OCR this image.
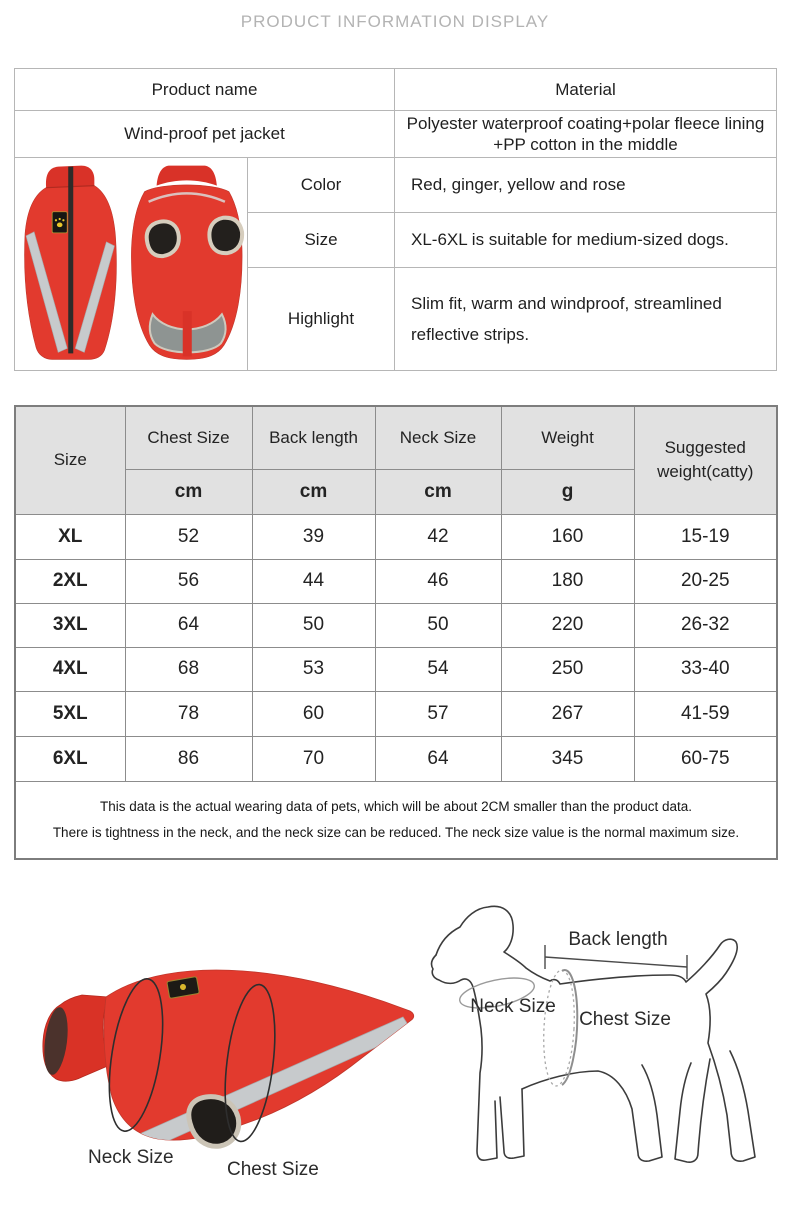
PRODUCT INFORMATION DISPLAY
Product name		Material
Wind-proof pet jacket		Polyester waterproof coating+polar fleece lining +PP cotton in the middle

	Color	Red, ginger, yellow and rose
	Size	XL-6XL is suitable for medium-sized dogs.
	Highlight	Slim fit, warm and windproof, streamlined reflective strips.
Size	Chest Size	Back length	Neck Size	Weight	Suggested weight(catty)
	cm	cm	cm	g	
XL	52	39	42	160	15-19
2XL	56	44	46	180	20-25
3XL	64	50	50	220	26-32
4XL	68	53	54	250	33-40
5XL	78	60	57	267	41-59
6XL	86	70	64	345	60-75

This data is the actual wearing data of pets, which will be about 2CM smaller than the product data.
There is tightness in the neck, and the neck size can be reduced. The neck size value is the normal maximum size.					
Neck Size
Chest Size
Back length
Neck Size
Chest Size
